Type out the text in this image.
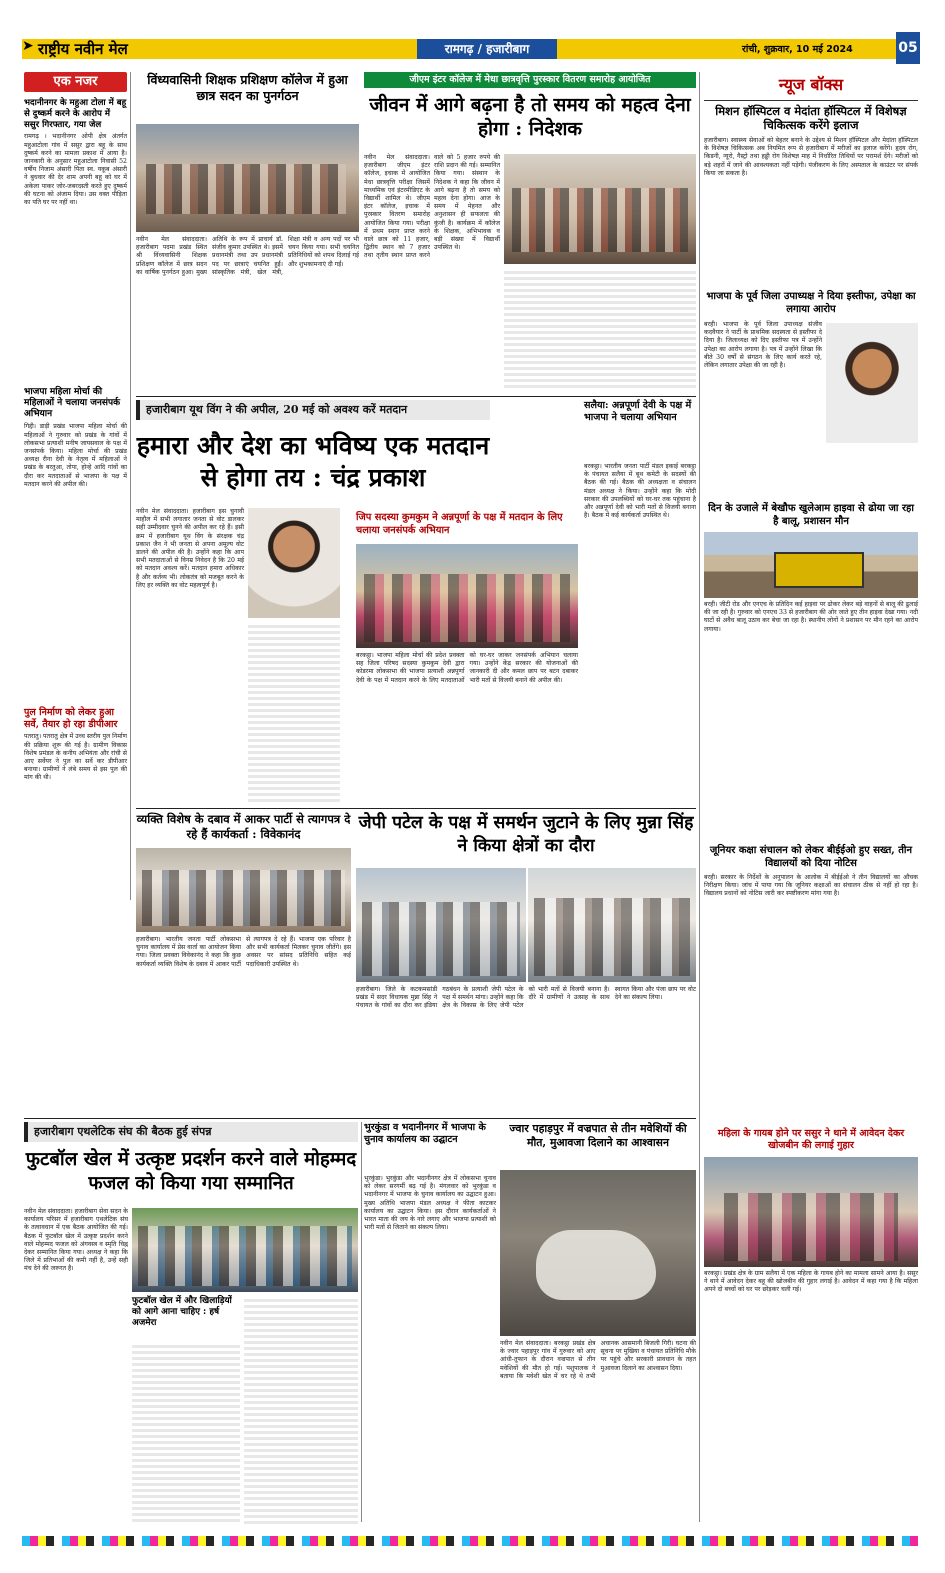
➤ राष्ट्रीय नवीन मेल	रामगढ़ / हजारीबाग	रांची, शुक्रवार, 10 मई 2024	05
एक नजर
भदानीनगर के महुआ टोला में बहू से दुष्कर्म करने के आरोप में ससुर गिरफ्तार, गया जेल
रामगढ़ । भदानीनगर ओपी क्षेत्र अंतर्गत महुआटोला गांव में ससुर द्वारा बहू के साथ दुष्कर्म करने का मामला प्रकाश में आया है। जानकारी के अनुसार महुआटोला निवासी 52 वर्षीय निजाम अंसारी पिता स्व. यकूब अंसारी ने बुधवार की देर शाम अपनी बहू को घर में अकेला पाकर जोर-जबरदस्ती करते हुए दुष्कर्म की घटना को अंजाम दिया। उस वक्त पीड़िता का पति घर पर नहीं था।
भाजपा महिला मोर्चा की महिलाओं ने चलाया जनसंपर्क अभियान
गिद्दी। डाड़ी प्रखंड भाजपा महिला मोर्चा की महिलाओं ने गुरुवार को प्रखंड के गांवों में लोकसभा प्रत्याशी मनीष जायसवाल के पक्ष में जनसंपर्क किया। महिला मोर्चा की प्रखंड अध्यक्ष रीना देवी के नेतृत्व में महिलाओं ने प्रखंड के बरतुआ, तोपा, होन्हे आदि गांवों का दौरा कर मतदाताओं से भाजपा के पक्ष में मतदान करने की अपील की।
पुल निर्माण को लेकर हुआ सर्वे, तैयार हो रहा डीपीआर
पतरातु। पतरातु क्षेत्र में उच्च स्तरीय पुल निर्माण की प्रक्रिया शुरू की गई है। ग्रामीण विकास विशेष प्रमंडल के कनीय अभियंता और रांची से आए सर्वेयर ने पुल का सर्वे कर डीपीआर बनाया। ग्रामीणों ने लंबे समय से इस पुल की मांग की थी।
विंध्यवासिनी शिक्षक प्रशिक्षण कॉलेज में हुआ छात्र सदन का पुनर्गठन
नवीन मेल संवाददाता। हजारीबाग पदमा प्रखंड स्थित श्री विंध्यवासिनी शिक्षक प्रशिक्षण कॉलेज में छात्र सदन का वार्षिक पुनर्गठन हुआ। मुख्य अतिथि के रूप में प्राचार्य डॉ. संजीव कुमार उपस्थित थे। इसमें प्रधानमंत्री तथा उप प्रधानमंत्री पद पर छात्राएं चयनित हुईं। सांस्कृतिक मंत्री, खेल मंत्री, शिक्षा मंत्री व अन्य पदों पर भी चयन किया गया। सभी चयनित प्रतिनिधियों को शपथ दिलाई गई और शुभकामनाएं दी गईं।
जीएम इंटर कॉलेज में मेधा छात्रवृत्ति पुरस्कार वितरण समारोह आयोजित
जीवन में आगे बढ़ना है तो समय को महत्व देना होगा : निदेशक
नवीन मेल संवाददाता। हजारीबाग जीएम इंटर कॉलेज, इचाक में आयोजित मेधा छात्रवृत्ति परीक्षा जिसमें माध्यमिक एवं इंटरमीडिएट के विद्यार्थी शामिल थे। जीएम इंटर कॉलेज, इचाक में पुरस्कार वितरण समारोह आयोजित किया गया। परीक्षा में प्रथम स्थान प्राप्त करने वाले छात्र को 11 हजार, द्वितीय स्थान को 7 हजार तथा तृतीय स्थान प्राप्त करने वाले को 5 हजार रुपये की राशि प्रदान की गई। सम्मानित किया गया। संस्थान के निदेशक ने कहा कि जीवन में आगे बढ़ना है तो समय को महत्व देना होगा। आज के समय में मेहनत और अनुशासन ही सफलता की कुंजी है। कार्यक्रम में कॉलेज के शिक्षक, अभिभावक व बड़ी संख्या में विद्यार्थी उपस्थित थे।
न्यूज बॉक्स
मिशन हॉस्पिटल व मेदांता हॉस्पिटल में विशेषज्ञ चिकित्सक करेंगे इलाज
हजारीबाग। स्वास्थ्य सेवाओं को बेहतर बनाने के उद्देश्य से मिशन हॉस्पिटल और मेदांता हॉस्पिटल के विशेषज्ञ चिकित्सक अब नियमित रूप से हजारीबाग में मरीजों का इलाज करेंगे। हृदय रोग, किडनी, न्यूरो, गैस्ट्रो तथा हड्डी रोग विशेषज्ञ माह में निर्धारित तिथियों पर परामर्श देंगे। मरीजों को बड़े शहरों में जाने की आवश्यकता नहीं पड़ेगी। पंजीकरण के लिए अस्पताल के काउंटर पर संपर्क किया जा सकता है।
भाजपा के पूर्व जिला उपाध्यक्ष ने दिया इस्तीफा, उपेक्षा का लगाया आरोप
बरही। भाजपा के पूर्व जिला उपाध्यक्ष संजीव कदवैयार ने पार्टी के प्राथमिक सदस्यता से इस्तीफा दे दिया है। जिलाध्यक्ष को दिए इस्तीफा पत्र में उन्होंने उपेक्षा का आरोप लगाया है। पत्र में उन्होंने लिखा कि बीते 30 वर्षों से संगठन के लिए कार्य करते रहे, लेकिन लगातार उपेक्षा की जा रही है।
दिन के उजाले में बेखौफ खुलेआम हाइवा से ढोया जा रहा है बालू, प्रशासन मौन
बरही। जीटी रोड और एनएच के प्रतिदिन कई हाइवा पर ढोकर लेकर बड़े वाहनों से बालू की ढुलाई की जा रही है। गुरुवार को एनएच 33 से हजारीबाग की ओर जाते हुए तीन हाइवा देखा गया। नदी घाटों से अवैध बालू उठाव कर बेचा जा रहा है। स्थानीय लोगों ने प्रशासन पर मौन रहने का आरोप लगाया।
जूनियर कक्षा संचालन को लेकर बीईईओ हुए सख्त, तीन विद्यालयों को दिया नोटिस
बरही। सरकार के निर्देशों के अनुपालन के आलोक में बीईईओ ने तीन विद्यालयों का औचक निरीक्षण किया। जांच में पाया गया कि जूनियर कक्षाओं का संचालन ठीक से नहीं हो रहा है। विद्यालय प्रधानों को नोटिस जारी कर स्पष्टीकरण मांगा गया है।
महिला के गायब होने पर ससुर ने थाने में आवेदन देकर खोजबीन की लगाई गुहार
बरकट्ठा। प्रखंड क्षेत्र के ग्राम सलैया में एक महिला के गायब होने का मामला सामने आया है। ससुर ने थाने में आवेदन देकर बहू की खोजबीन की गुहार लगाई है। आवेदन में कहा गया है कि महिला अपने दो बच्चों को घर पर छोड़कर चली गई।
हजारीबाग यूथ विंग ने की अपील, 20 मई को अवश्य करें मतदान
हमारा और देश का भविष्य एक मतदान से होगा तय : चंद्र प्रकाश
नवीन मेल संवाददाता। हजारीबाग इस चुनावी माहौल में सभी लगातार जनता से वोट डालकर सही उम्मीदवार चुनने की अपील कर रहे हैं। इसी क्रम में हजारीबाग यूथ विंग के संरक्षक चंद्र प्रकाश जैन ने भी जनता से अपना अमूल्य वोट डालने की अपील की है। उन्होंने कहा कि आप सभी मतदाताओं से विनम्र निवेदन है कि 20 मई को मतदान अवश्य करें। मतदान हमारा अधिकार है और कर्तव्य भी। लोकतंत्र को मजबूत करने के लिए हर व्यक्ति का वोट महत्वपूर्ण है।
जिप सदस्या कुमकुम ने अन्नपूर्णा के पक्ष में मतदान के लिए चलाया जनसंपर्क अभियान
बरकट्ठा। भाजपा महिला मोर्चा की प्रदेश प्रवक्ता सह जिला परिषद सदस्या कुमकुम देवी द्वारा कोडरमा लोकसभा की भाजपा प्रत्याशी अन्नपूर्णा देवी के पक्ष में मतदान करने के लिए मतदाताओं को घर-घर जाकर जनसंपर्क अभियान चलाया गया। उन्होंने केंद्र सरकार की योजनाओं की जानकारी दी और कमल छाप पर बटन दबाकर भारी मतों से विजयी बनाने की अपील की।
सलैया: अन्नपूर्णा देवी के पक्ष में भाजपा ने चलाया अभियान
बरकट्ठा। भारतीय जनता पार्टी मंडल इकाई बरकट्ठा के पंचायत सलैया में बूथ कमेटी के सदस्यों की बैठक की गई। बैठक की अध्यक्षता व संचालन मंडल अध्यक्ष ने किया। उन्होंने कहा कि मोदी सरकार की उपलब्धियों को घर-घर तक पहुंचाना है और अन्नपूर्णा देवी को भारी मतों से विजयी बनाना है। बैठक में कई कार्यकर्ता उपस्थित थे।
व्यक्ति विशेष के दबाव में आकर पार्टी से त्यागपत्र दे रहे हैं कार्यकर्ता : विवेकानंद
हजारीबाग। भारतीय जनता पार्टी लोकसभा चुनाव कार्यालय में प्रेस वार्ता का आयोजन किया गया। जिला प्रवक्ता विवेकानंद ने कहा कि कुछ कार्यकर्ता व्यक्ति विशेष के दबाव में आकर पार्टी से त्यागपत्र दे रहे हैं। भाजपा एक परिवार है और सभी कार्यकर्ता मिलकर चुनाव जीतेंगे। इस अवसर पर सांसद प्रतिनिधि सहित कई पदाधिकारी उपस्थित थे।
जेपी पटेल के पक्ष में समर्थन जुटाने के लिए मुन्ना सिंह ने किया क्षेत्रों का दौरा
हजारीबाग। जिले के कटकमसांडी प्रखंड में सदर विधायक मुन्ना सिंह ने पंचायत के गांवों का दौरा कर इंडिया गठबंधन के प्रत्याशी जेपी पटेल के पक्ष में समर्थन मांगा। उन्होंने कहा कि क्षेत्र के विकास के लिए जेपी पटेल को भारी मतों से विजयी बनाना है। दौरे में ग्रामीणों ने उत्साह के साथ स्वागत किया और पंजा छाप पर वोट देने का संकल्प लिया।
हजारीबाग एथलेटिक संघ की बैठक हुई संपन्न
फुटबॉल खेल में उत्कृष्ट प्रदर्शन करने वाले मोहम्मद फजल को किया गया सम्मानित
नवीन मेल संवाददाता। हजारीबाग सेवा सदन के कार्यालय परिसर में हजारीबाग एथलेटिक संघ के तत्वावधान में एक बैठक आयोजित की गई। बैठक में फुटबॉल खेल में उत्कृष्ट प्रदर्शन करने वाले मोहम्मद फजल को अंगवस्त्र व स्मृति चिह्न देकर सम्मानित किया गया। अध्यक्ष ने कहा कि जिले में प्रतिभाओं की कमी नहीं है, उन्हें सही मंच देने की जरूरत है।
फुटबॉल खेल में और खिलाड़ियों को आगे आना चाहिए : हर्ष अजमेरा
भुरकुंडा व भदानीनगर में भाजपा के चुनाव कार्यालय का उद्घाटन
भुरकुंडा। भुरकुंडा और भदानीनगर क्षेत्र में लोकसभा चुनाव को लेकर सरगर्मी बढ़ गई है। मंगलवार को भुरकुंडा व भदानीनगर में भाजपा के चुनाव कार्यालय का उद्घाटन हुआ। मुख्य अतिथि भाजपा मंडल अध्यक्ष ने फीता काटकर कार्यालय का उद्घाटन किया। इस दौरान कार्यकर्ताओं ने भारत माता की जय के नारे लगाए और भाजपा प्रत्याशी को भारी मतों से जिताने का संकल्प लिया।
ज्वार पहाड़पुर में वज्रपात से तीन मवेशियों की मौत, मुआवजा दिलाने का आश्वासन
नवीन मेल संवाददाता। बरकट्ठा प्रखंड क्षेत्र के ज्वार पहाड़पुर गांव में गुरुवार को आए आंधी-तूफान के दौरान वज्रपात से तीन मवेशियों की मौत हो गई। पशुपालक ने बताया कि मवेशी खेत में चर रहे थे तभी अचानक आसमानी बिजली गिरी। घटना की सूचना पर मुखिया व पंचायत प्रतिनिधि मौके पर पहुंचे और सरकारी प्रावधान के तहत मुआवजा दिलाने का आश्वासन दिया।
